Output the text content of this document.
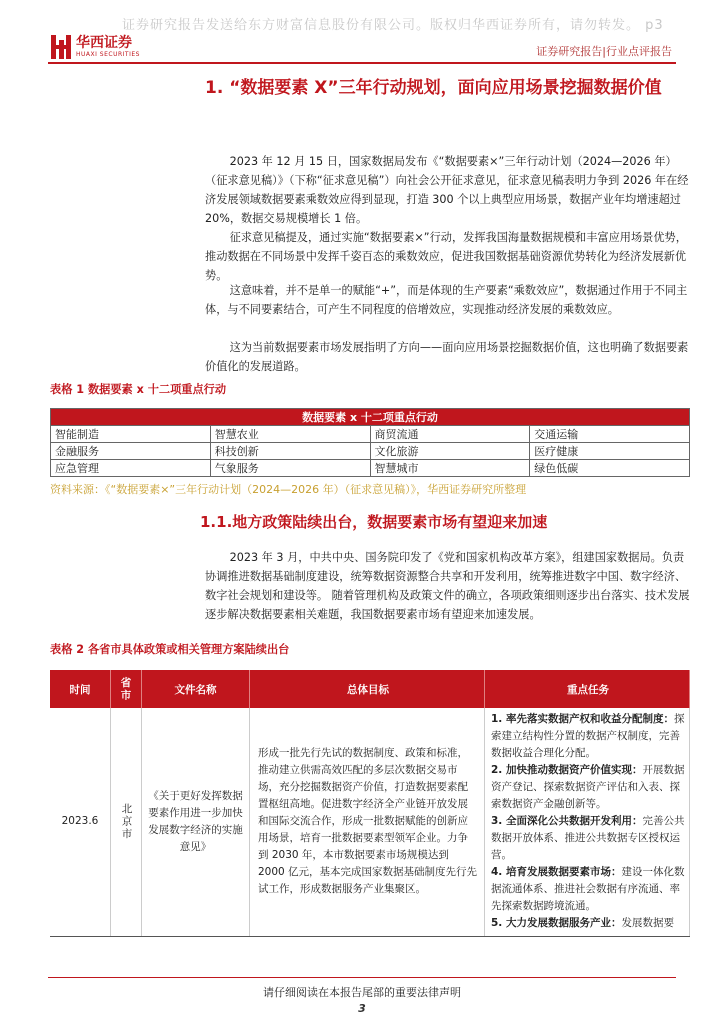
证券研究报告发送给东方财富信息股份有限公司。版权归华西证券所有，请勿转发。 p3
华西证券
HUAXI SECURITIES	证券研究报告|行业点评报告
1. “数据要素 X”三年行动规划，面向应用场景挖掘数据价值

2023 年 12 月 15 日，国家数据局发布《“数据要素×”三年行动计划（2024—2026 年）（征求意见稿）》（下称“征求意见稿”）向社会公开征求意见，征求意见稿表明力争到 2026 年在经济发展领域数据要素乘数效应得到显现，打造 300 个以上典型应用场景，数据产业年均增速超过 20%，数据交易规模增长 1 倍。

征求意见稿提及，通过实施“数据要素×”行动，发挥我国海量数据规模和丰富应用场景优势，推动数据在不同场景中发挥千姿百态的乘数效应，促进我国数据基础资源优势转化为经济发展新优势。

这意味着，并不是单一的赋能“+”，而是体现的生产要素“乘数效应”，数据通过作用于不同主体，与不同要素结合，可产生不同程度的倍增效应，实现推动经济发展的乘数效应。

这为当前数据要素市场发展指明了方向——面向应用场景挖掘数据价值，这也明确了数据要素价值化的发展道路。

表格 1 数据要素 x 十二项重点行动
数据要素 x 十二项重点行动			
智能制造	智慧农业	商贸流通	交通运输
金融服务	科技创新	文化旅游	医疗健康
应急管理	气象服务	智慧城市	绿色低碳
资料来源：《“数据要素×”三年行动计划（2024—2026 年）（征求意见稿）》，华西证券研究所整理
1.1.地方政策陆续出台，数据要素市场有望迎来加速

2023 年 3 月，中共中央、国务院印发了《党和国家机构改革方案》，组建国家数据局。负责协调推进数据基础制度建设，统筹数据资源整合共享和开发利用，统筹推进数字中国、数字经济、数字社会规划和建设等。 随着管理机构及政策文件的确立，各项政策细则逐步出台落实、技术发展逐步解决数据要素相关难题，我国数据要素市场有望迎来加速发展。

表格 2 各省市具体政策或相关管理方案陆续出台
时间	省市	文件名称	总体目标	重点任务
2023.6	北京市	《关于更好发挥数据要素作用进一步加快发展数字经济的实施意见》	形成一批先行先试的数据制度、政策和标准，推动建立供需高效匹配的多层次数据交易市场，充分挖掘数据资产价值，打造数据要素配置枢纽高地。促进数字经济全产业链开放发展和国际交流合作，形成一批数据赋能的创新应用场景，培育一批数据要素型领军企业。力争到 2030 年，本市数据要素市场规模达到 2000 亿元，基本完成国家数据基础制度先行先试工作，形成数据服务产业集聚区。	1. 率先落实数据产权和收益分配制度：探索建立结构性分置的数据产权制度，完善数据收益合理化分配。

2. 加快推动数据资产价值实现：开展数据资产登记、探索数据资产评估和入表、探索数据资产金融创新等。

3. 全面深化公共数据开发利用：完善公共数据开放体系、推进公共数据专区授权运营。

4. 培育发展数据要素市场：建设一体化数据流通体系、推进社会数据有序流通、率先探索数据跨境流通。

5. 大力发展数据服务产业：发展数据要

请仔细阅读在本报告尾部的重要法律声明
3
